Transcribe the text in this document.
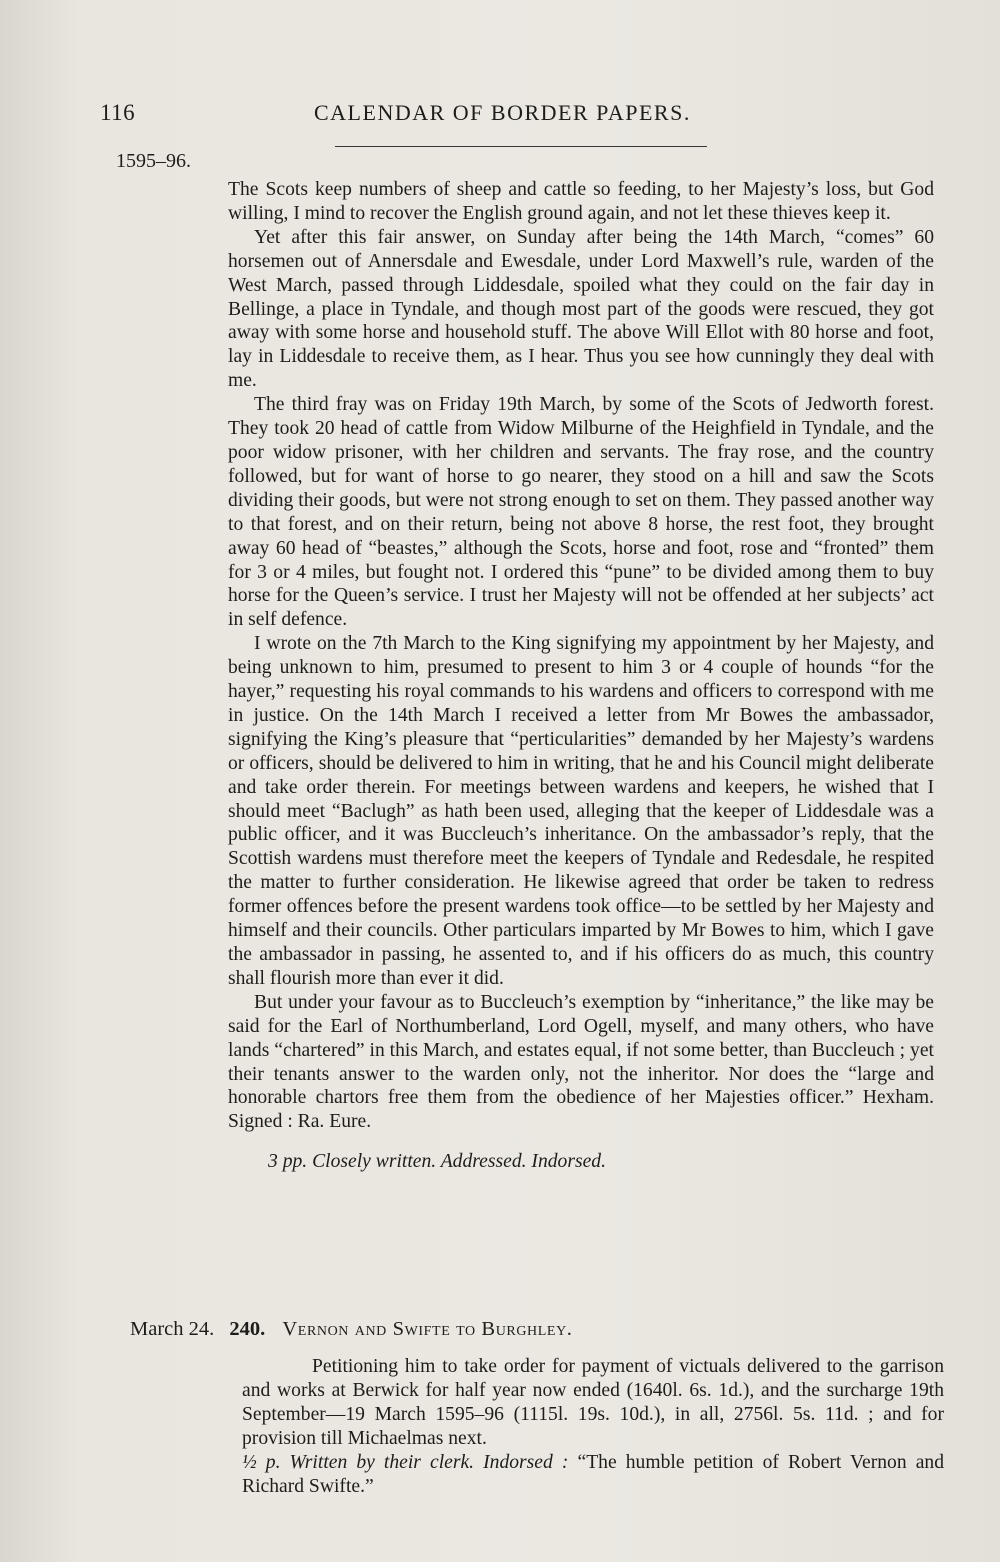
116	CALENDAR OF BORDER PAPERS.
1595–96.

The Scots keep numbers of sheep and cattle so feeding, to her Majesty’s loss, but God willing, I mind to recover the English ground again, and not let these thieves keep it.

Yet after this fair answer, on Sunday after being the 14th March, “comes” 60 horsemen out of Annersdale and Ewesdale, under Lord Maxwell’s rule, warden of the West March, passed through Liddesdale, spoiled what they could on the fair day in Bellinge, a place in Tyndale, and though most part of the goods were rescued, they got away with some horse and household stuff. The above Will Ellot with 80 horse and foot, lay in Liddesdale to receive them, as I hear. Thus you see how cunningly they deal with me.

The third fray was on Friday 19th March, by some of the Scots of Jedworth forest. They took 20 head of cattle from Widow Milburne of the Heighfield in Tyndale, and the poor widow prisoner, with her children and servants. The fray rose, and the country followed, but for want of horse to go nearer, they stood on a hill and saw the Scots dividing their goods, but were not strong enough to set on them. They passed another way to that forest, and on their return, being not above 8 horse, the rest foot, they brought away 60 head of “beastes,” although the Scots, horse and foot, rose and “fronted” them for 3 or 4 miles, but fought not. I ordered this “pune” to be divided among them to buy horse for the Queen’s service. I trust her Majesty will not be offended at her subjects’ act in self defence.

I wrote on the 7th March to the King signifying my appointment by her Majesty, and being unknown to him, presumed to present to him 3 or 4 couple of hounds “for the hayer,” requesting his royal commands to his wardens and officers to correspond with me in justice. On the 14th March I received a letter from Mr Bowes the ambassador, signifying the King’s pleasure that “perticularities” demanded by her Majesty’s wardens or officers, should be delivered to him in writing, that he and his Council might deliberate and take order therein. For meetings between wardens and keepers, he wished that I should meet “Baclugh” as hath been used, alleging that the keeper of Liddesdale was a public officer, and it was Buccleuch’s inheritance. On the ambassador’s reply, that the Scottish wardens must therefore meet the keepers of Tyndale and Redesdale, he respited the matter to further consideration. He likewise agreed that order be taken to redress former offences before the present wardens took office—to be settled by her Majesty and himself and their councils. Other particulars imparted by Mr Bowes to him, which I gave the ambassador in passing, he assented to, and if his officers do as much, this country shall flourish more than ever it did.

But under your favour as to Buccleuch’s exemption by “inheritance,” the like may be said for the Earl of Northumberland, Lord Ogell, myself, and many others, who have lands “chartered” in this March, and estates equal, if not some better, than Buccleuch ; yet their tenants answer to the warden only, not the inheritor. Nor does the “large and honorable chartors free them from the obedience of her Majesties officer.” Hexham. Signed : Ra. Eure.

3 pp. Closely written. Addressed. Indorsed.
March 24. 240. Vernon and Swifte to Burghley.

Petitioning him to take order for payment of victuals delivered to the garrison and works at Berwick for half year now ended (1640l. 6s. 1d.), and the surcharge 19th September—19 March 1595–96 (1115l. 19s. 10d.), in all, 2756l. 5s. 11d. ; and for provision till Michaelmas next.

½ p. Written by their clerk. Indorsed : “The humble petition of Robert Vernon and Richard Swifte.”
